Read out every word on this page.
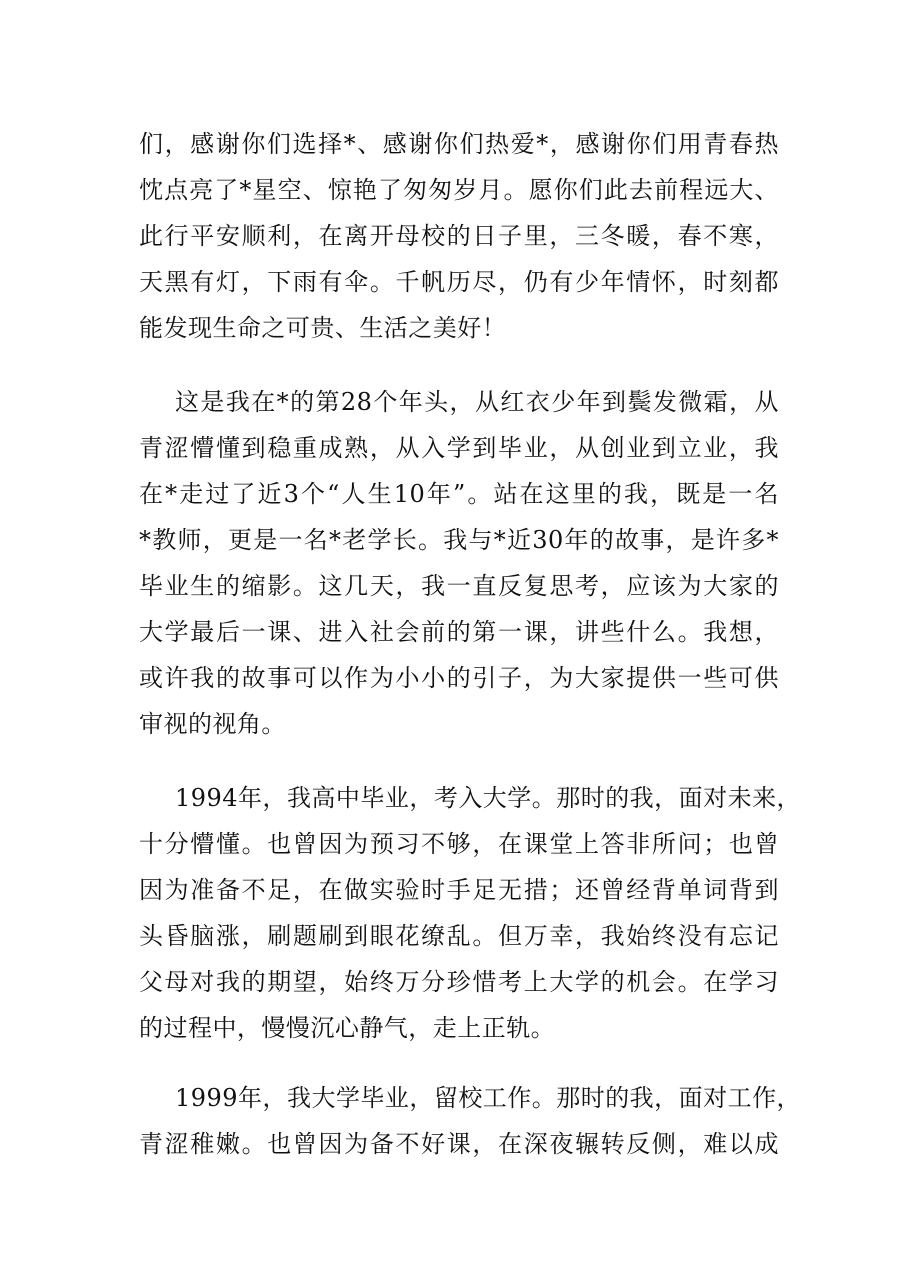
们，感谢你们选择*、感谢你们热爱*，感谢你们用青春热
忱点亮了*星空、惊艳了匆匆岁月。愿你们此去前程远大、
此行平安顺利，在离开母校的日子里，三冬暖，春不寒，
天黑有灯，下雨有伞。千帆历尽，仍有少年情怀，时刻都
能发现生命之可贵、生活之美好！
这是我在*的第28个年头，从红衣少年到鬓发微霜，从
青涩懵懂到稳重成熟，从入学到毕业，从创业到立业，我
在*走过了近3个“人生10年”。站在这里的我，既是一名
*教师，更是一名*老学长。我与*近30年的故事，是许多*
毕业生的缩影。这几天，我一直反复思考，应该为大家的
大学最后一课、进入社会前的第一课，讲些什么。我想，
或许我的故事可以作为小小的引子，为大家提供一些可供
审视的视角。
1994年，我高中毕业，考入大学。那时的我，面对未来，
十分懵懂。也曾因为预习不够，在课堂上答非所问；也曾
因为准备不足，在做实验时手足无措；还曾经背单词背到
头昏脑涨，刷题刷到眼花缭乱。但万幸，我始终没有忘记
父母对我的期望，始终万分珍惜考上大学的机会。在学习
的过程中，慢慢沉心静气，走上正轨。
1999年，我大学毕业，留校工作。那时的我，面对工作，
青涩稚嫩。也曾因为备不好课，在深夜辗转反侧，难以成
